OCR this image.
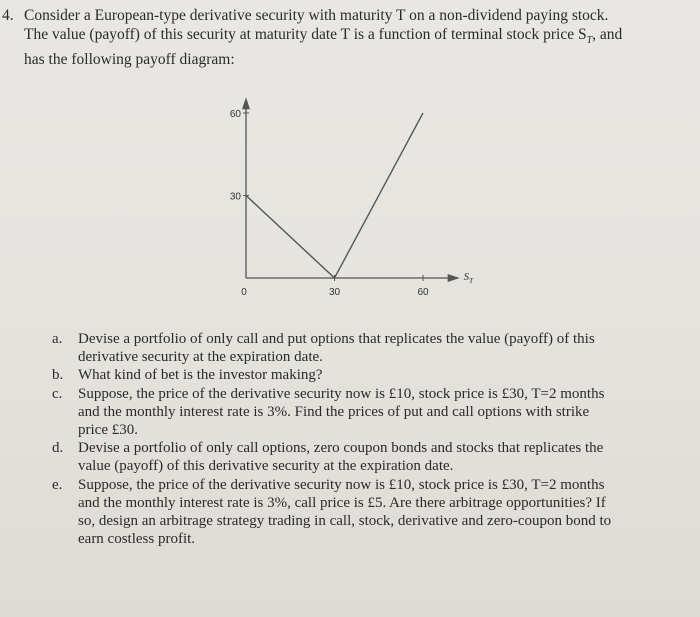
4. Consider a European-type derivative security with maturity T on a non-dividend paying stock.
The value (payoff) of this security at maturity date T is a function of terminal stock price $S_T$, and
has the following payoff diagram:
60
30
0	30	60
$S_T$
a.	Devise a portfolio of only call and put options that replicates the value (payoff) of this
derivative security at the expiration date.
b. What kind of bet is the investor making?
c.	Suppose, the price of the derivative security now is £10, stock price is £30, T=2 months
and the monthly interest rate is 3%. Find the prices of put and call options with strike
price £30.
d. Devise a portfolio of only call options, zero coupon bonds and stocks that replicates the
value (payoff) of this derivative security at the expiration date.
e.	Suppose, the price of the derivative security now is £10, stock price is £30, T=2 months
and the monthly interest rate is 3%, call price is £5. Are there arbitrage opportunities? If
so, design an arbitrage strategy trading in call, stock, derivative and zero-coupon bond to
earn costless profit.
